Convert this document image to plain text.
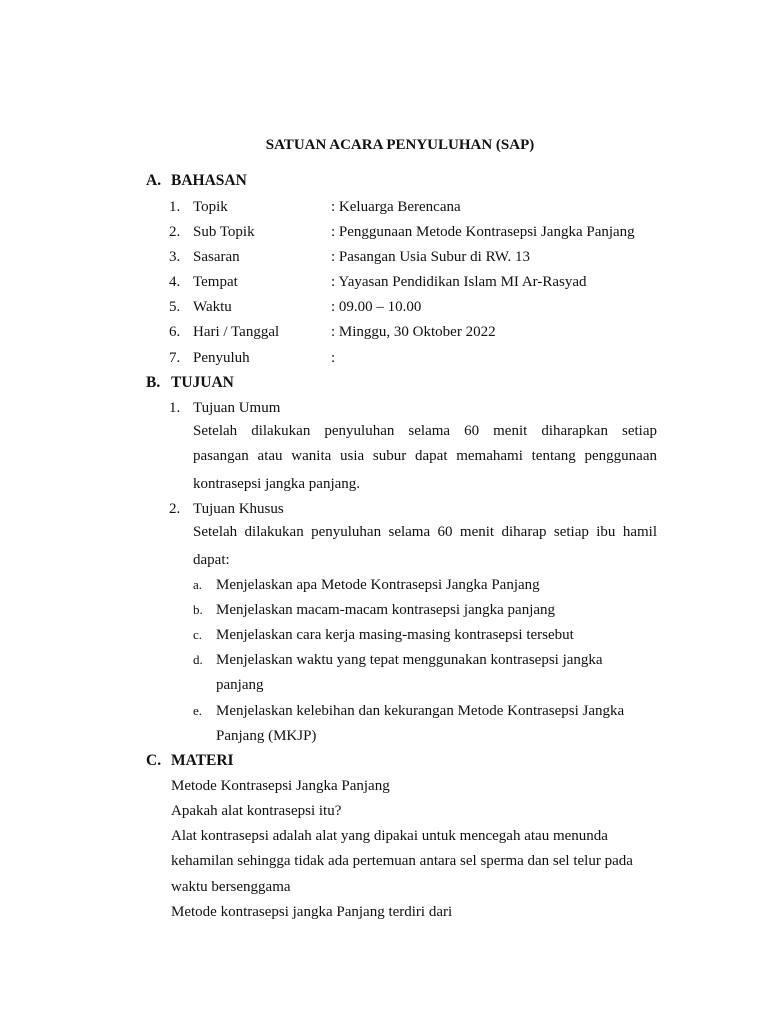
SATUAN ACARA PENYULUHAN (SAP)
A. BAHASAN
1. Topik	: Keluarga Berencana
2. Sub Topik	: Penggunaan Metode Kontrasepsi Jangka Panjang
3. Sasaran	: Pasangan Usia Subur di RW. 13
4. Tempat	: Yayasan Pendidikan Islam MI Ar-Rasyad
5. Waktu	: 09.00 – 10.00
6. Hari / Tanggal	: Minggu, 30 Oktober 2022
7. Penyuluh	:
B. TUJUAN
1. Tujuan Umum
Setelah dilakukan penyuluhan selama 60 menit diharapkan setiap
pasangan atau wanita usia subur dapat memahami tentang penggunaan
kontrasepsi jangka panjang.
2. Tujuan Khusus
Setelah dilakukan penyuluhan selama 60 menit diharap setiap ibu hamil
dapat:
a. Menjelaskan apa Metode Kontrasepsi Jangka Panjang
b. Menjelaskan macam-macam kontrasepsi jangka panjang
c. Menjelaskan cara kerja masing-masing kontrasepsi tersebut
d. Menjelaskan waktu yang tepat menggunakan kontrasepsi jangka
panjang
e. Menjelaskan kelebihan dan kekurangan Metode Kontrasepsi Jangka
Panjang (MKJP)
C. MATERI
Metode Kontrasepsi Jangka Panjang
Apakah alat kontrasepsi itu?
Alat kontrasepsi adalah alat yang dipakai untuk mencegah atau menunda
kehamilan sehingga tidak ada pertemuan antara sel sperma dan sel telur pada
waktu bersenggama
Metode kontrasepsi jangka Panjang terdiri dari
